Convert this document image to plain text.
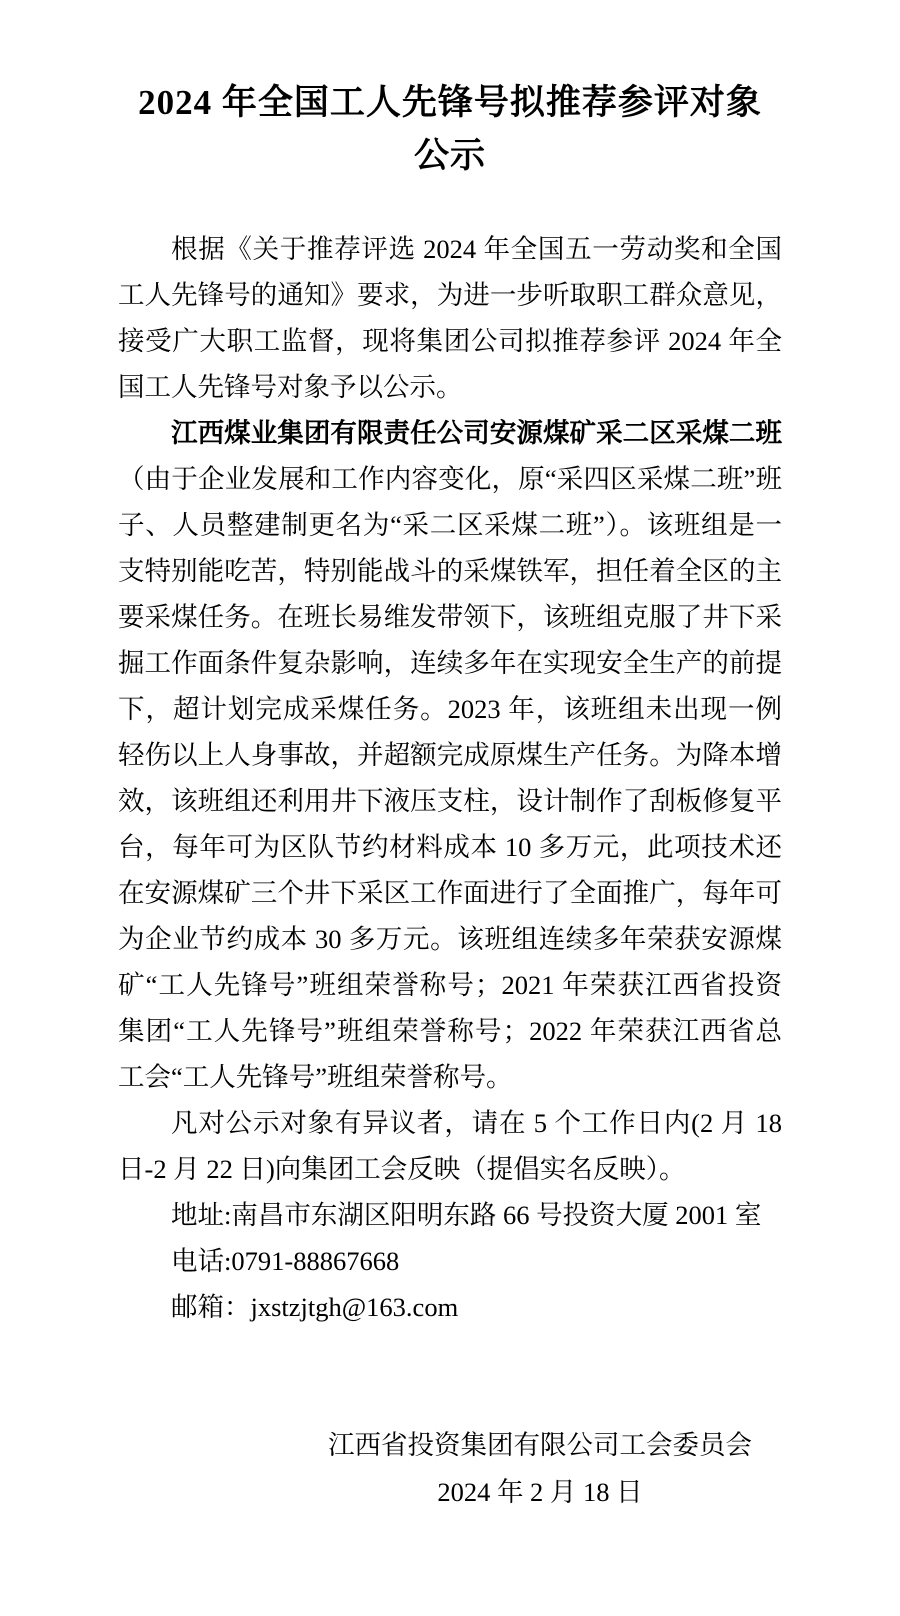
2024 年全国工人先锋号拟推荐参评对象
公示

根据《关于推荐评选 2024 年全国五一劳动奖和全国工人先锋号的通知》要求，为进一步听取职工群众意见，接受广大职工监督，现将集团公司拟推荐参评 2024 年全国工人先锋号对象予以公示。

江西煤业集团有限责任公司安源煤矿采二区采煤二班（由于企业发展和工作内容变化，原“采四区采煤二班”班子、人员整建制更名为“采二区采煤二班”）。该班组是一支特别能吃苦，特别能战斗的采煤铁军，担任着全区的主要采煤任务。在班长易维发带领下，该班组克服了井下采掘工作面条件复杂影响，连续多年在实现安全生产的前提下，超计划完成采煤任务。2023 年，该班组未出现一例轻伤以上人身事故，并超额完成原煤生产任务。为降本增效，该班组还利用井下液压支柱，设计制作了刮板修复平台，每年可为区队节约材料成本 10 多万元，此项技术还在安源煤矿三个井下采区工作面进行了全面推广，每年可为企业节约成本 30 多万元。该班组连续多年荣获安源煤矿“工人先锋号”班组荣誉称号；2021 年荣获江西省投资集团“工人先锋号”班组荣誉称号；2022 年荣获江西省总工会“工人先锋号”班组荣誉称号。

凡对公示对象有异议者，请在 5 个工作日内(2 月 18 日-2 月 22 日)向集团工会反映（提倡实名反映）。

地址:南昌市东湖区阳明东路 66 号投资大厦 2001 室

电话:0791-88867668

邮箱：jxstzjtgh@163.com

江西省投资集团有限公司工会委员会
2024 年 2 月 18 日
